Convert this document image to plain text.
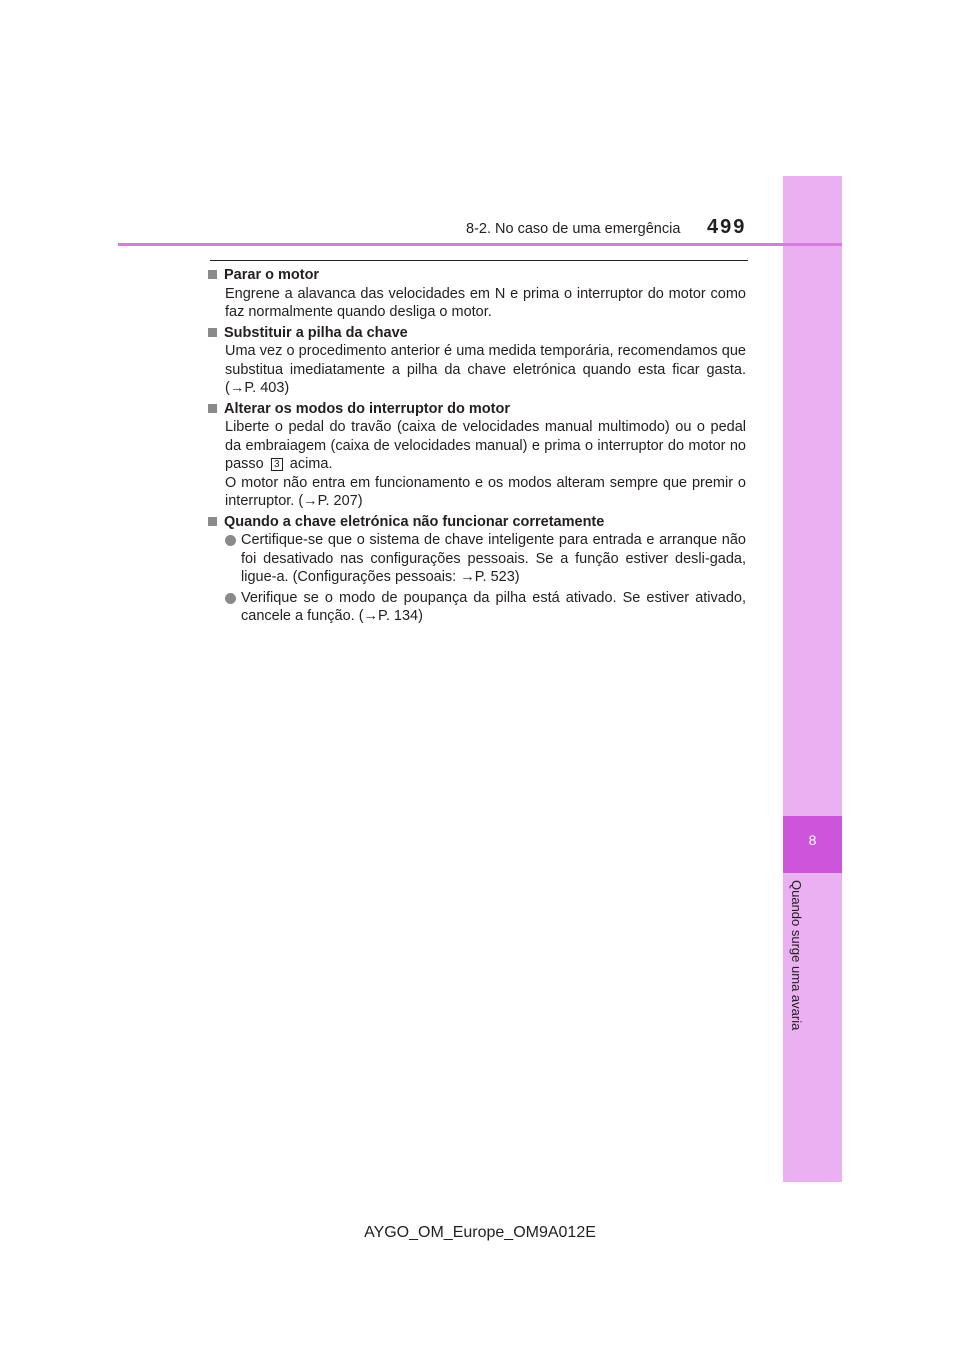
8
Quando surge uma avaria
8-2. No caso de uma emergência 499
Parar o motor

Engrene a alavanca das velocidades em N e prima o interruptor do motor como faz normalmente quando desliga o motor.

Substituir a pilha da chave

Uma vez o procedimento anterior é uma medida temporária, recomendamos que substitua imediatamente a pilha da chave eletrónica quando esta ficar gasta. (→P. 403)

Alterar os modos do interruptor do motor

Liberte o pedal do travão (caixa de velocidades manual multimodo) ou o pedal da embraiagem (caixa de velocidades manual) e prima o interruptor do motor no passo 3 acima.

O motor não entra em funcionamento e os modos alteram sempre que premir o interruptor. (→P. 207)

Quando a chave eletrónica não funcionar corretamente
Certifique-se que o sistema de chave inteligente para entrada e arranque não foi desativado nas configurações pessoais. Se a função estiver desli-gada, ligue-a. (Configurações pessoais: →P. 523)
Verifique se o modo de poupança da pilha está ativado. Se estiver ativado, cancele a função. (→P. 134)
AYGO_OM_Europe_OM9A012E
